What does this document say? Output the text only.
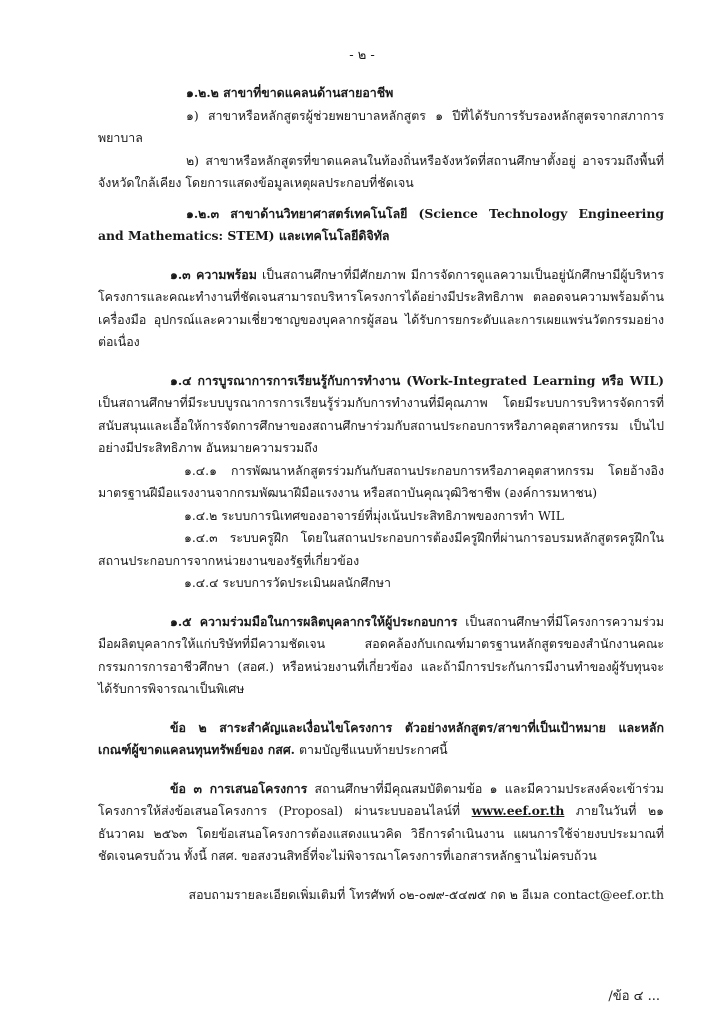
- ๒ -

๑.๒.๒ สาขาที่ขาดแคลนด้านสายอาชีพ

๑) สาขาหรือหลักสูตรผู้ช่วยพยาบาลหลักสูตร ๑ ปีที่ได้รับการรับรองหลักสูตรจากสภาการพยาบาล

๒) สาขาหรือหลักสูตรที่ขาดแคลนในท้องถิ่นหรือจังหวัดที่สถานศึกษาตั้งอยู่ อาจรวมถึงพื้นที่จังหวัดใกล้เคียง โดยการแสดงข้อมูลเหตุผลประกอบที่ชัดเจน

๑.๒.๓ สาขาด้านวิทยาศาสตร์เทคโนโลยี (Science Technology Engineering and Mathematics: STEM) และเทคโนโลยีดิจิทัล

๑.๓ ความพร้อม เป็นสถานศึกษาที่มีศักยภาพ มีการจัดการดูแลความเป็นอยู่นักศึกษามีผู้บริหารโครงการและคณะทำงานที่ชัดเจนสามารถบริหารโครงการได้อย่างมีประสิทธิภาพ ตลอดจนความพร้อมด้านเครื่องมือ อุปกรณ์และความเชี่ยวชาญของบุคลากรผู้สอน ได้รับการยกระดับและการเผยแพร่นวัตกรรมอย่างต่อเนื่อง

๑.๔ การบูรณาการการเรียนรู้กับการทำงาน (Work-Integrated Learning หรือ WIL) เป็นสถานศึกษาที่มีระบบบูรณาการการเรียนรู้ร่วมกับการทำงานที่มีคุณภาพ โดยมีระบบการบริหารจัดการที่สนับสนุนและเอื้อให้การจัดการศึกษาของสถานศึกษาร่วมกับสถานประกอบการหรือภาคอุตสาหกรรม เป็นไปอย่างมีประสิทธิภาพ อันหมายความรวมถึง

๑.๔.๑ การพัฒนาหลักสูตรร่วมกันกับสถานประกอบการหรือภาคอุตสาหกรรม โดยอ้างอิงมาตรฐานฝีมือแรงงานจากกรมพัฒนาฝีมือแรงงาน หรือสถาบันคุณวุฒิวิชาชีพ (องค์การมหาชน)

๑.๔.๒ ระบบการนิเทศของอาจารย์ที่มุ่งเน้นประสิทธิภาพของการทำ WIL

๑.๔.๓ ระบบครูฝึก โดยในสถานประกอบการต้องมีครูฝึกที่ผ่านการอบรมหลักสูตรครูฝึกในสถานประกอบการจากหน่วยงานของรัฐที่เกี่ยวข้อง

๑.๔.๔ ระบบการวัดประเมินผลนักศึกษา

๑.๕ ความร่วมมือในการผลิตบุคลากรให้ผู้ประกอบการ เป็นสถานศึกษาที่มีโครงการความร่วมมือผลิตบุคลากรให้แก่บริษัทที่มีความชัดเจน สอดคล้องกับเกณฑ์มาตรฐานหลักสูตรของสำนักงานคณะกรรมการการอาชีวศึกษา (สอศ.) หรือหน่วยงานที่เกี่ยวข้อง และถ้ามีการประกันการมีงานทำของผู้รับทุนจะได้รับการพิจารณาเป็นพิเศษ

ข้อ ๒ สาระสำคัญและเงื่อนไขโครงการ ตัวอย่างหลักสูตร/สาขาที่เป็นเป้าหมาย และหลักเกณฑ์ผู้ขาดแคลนทุนทรัพย์ของ กสศ. ตามบัญชีแนบท้ายประกาศนี้

ข้อ ๓ การเสนอโครงการ สถานศึกษาที่มีคุณสมบัติตามข้อ ๑ และมีความประสงค์จะเข้าร่วมโครงการให้ส่งข้อเสนอโครงการ (Proposal) ผ่านระบบออนไลน์ที่ www.eef.or.th ภายในวันที่ ๒๑ ธันวาคม ๒๕๖๓ โดยข้อเสนอโครงการต้องแสดงแนวคิด วิธีการดำเนินงาน แผนการใช้จ่ายงบประมาณที่ชัดเจนครบถ้วน ทั้งนี้ กสศ. ขอสงวนสิทธิ์ที่จะไม่พิจารณาโครงการที่เอกสารหลักฐานไม่ครบถ้วน

สอบถามรายละเอียดเพิ่มเติมที่ โทรศัพท์ ๐๒-๐๗๙-๕๔๗๕ กด ๒ อีเมล contact@eef.or.th

/ข้อ ๔ ...
